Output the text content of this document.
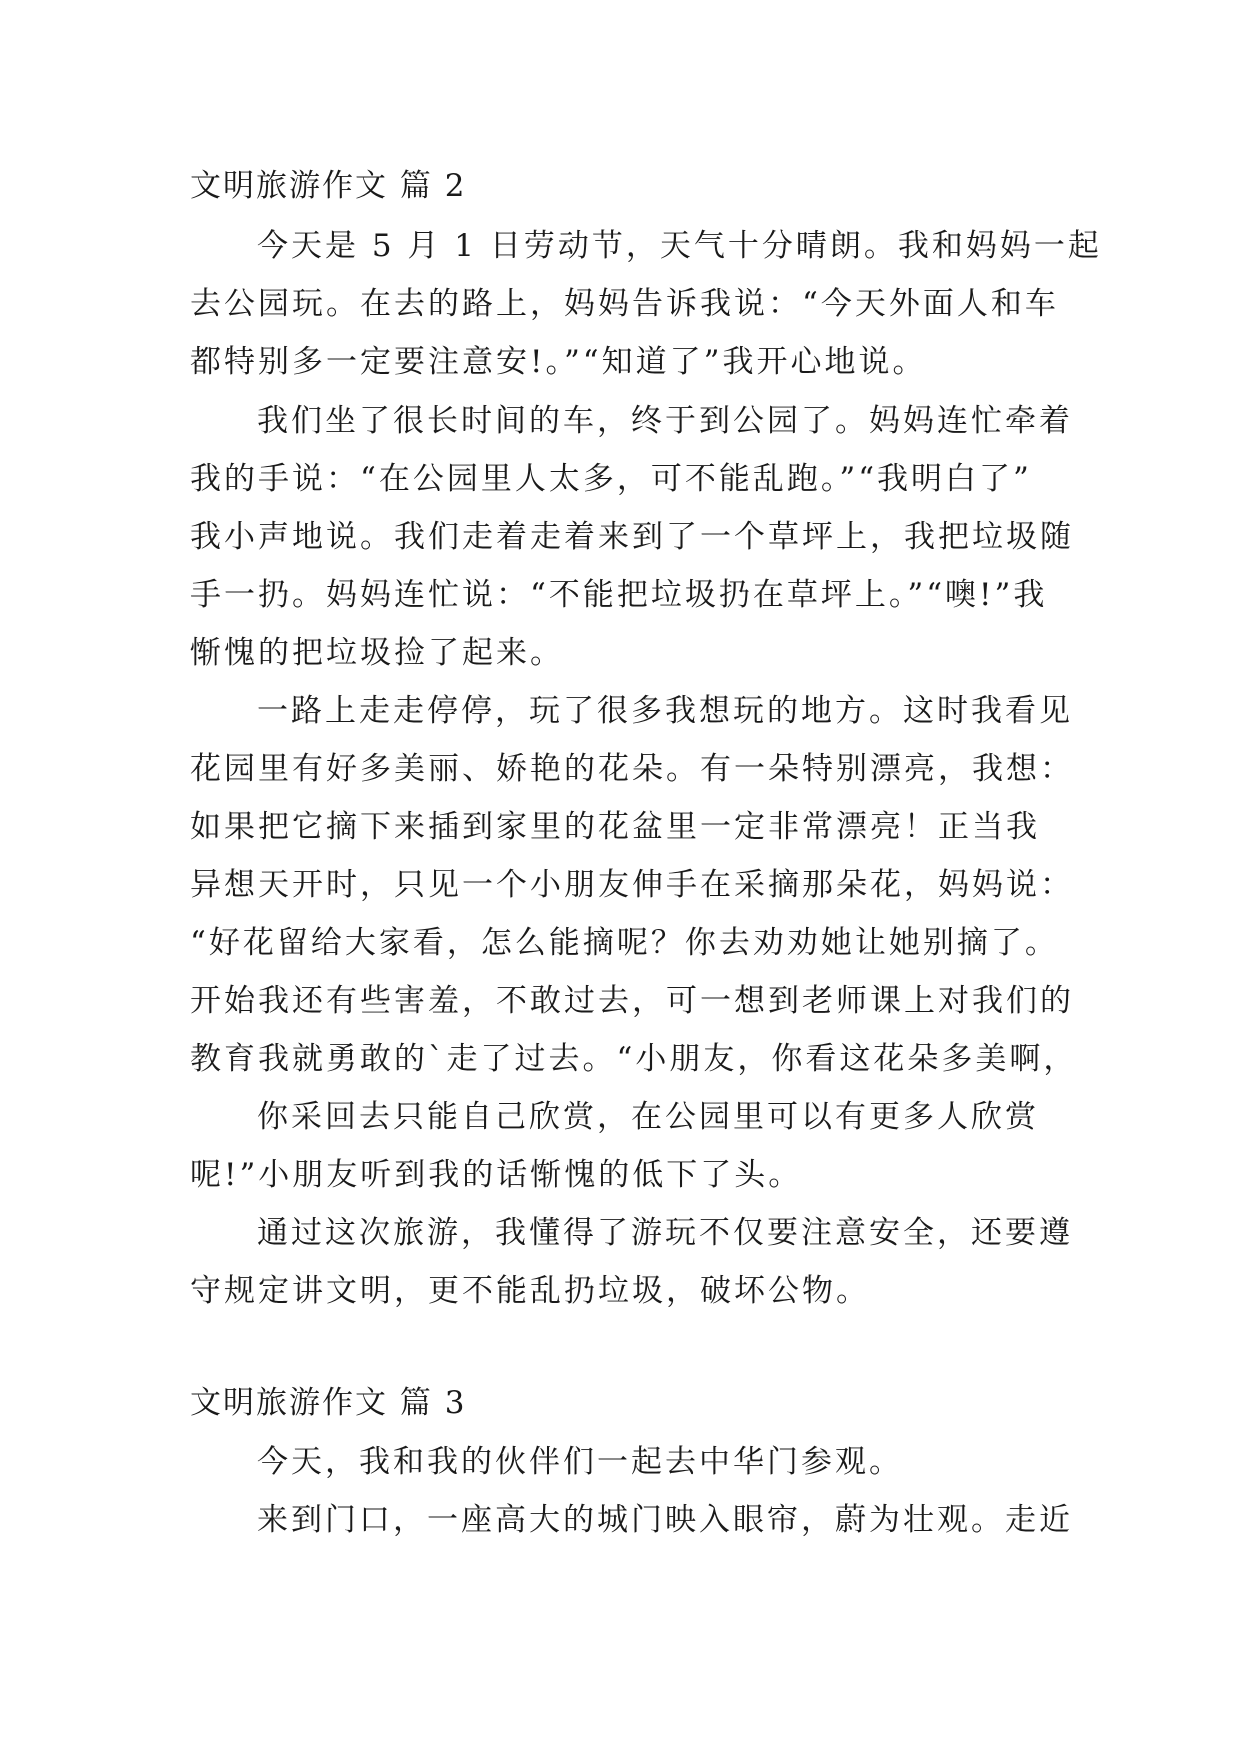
文明旅游作文 篇 2
今天是 5 月 1 日劳动节，天气十分晴朗。我和妈妈一起
去公园玩。在去的路上，妈妈告诉我说：“今天外面人和车
都特别多一定要注意安!。”“知道了”我开心地说。
我们坐了很长时间的车，终于到公园了。妈妈连忙牵着
我的手说：“在公园里人太多，可不能乱跑。”“我明白了”
我小声地说。我们走着走着来到了一个草坪上，我把垃圾随
手一扔。妈妈连忙说：“不能把垃圾扔在草坪上。”“噢!”我
惭愧的把垃圾捡了起来。
一路上走走停停，玩了很多我想玩的地方。这时我看见
花园里有好多美丽、娇艳的花朵。有一朵特别漂亮，我想：
如果把它摘下来插到家里的花盆里一定非常漂亮！正当我
异想天开时，只见一个小朋友伸手在采摘那朵花，妈妈说：
“好花留给大家看，怎么能摘呢？你去劝劝她让她别摘了。
开始我还有些害羞，不敢过去，可一想到老师课上对我们的
教育我就勇敢的`走了过去。“小朋友，你看这花朵多美啊，
你采回去只能自己欣赏，在公园里可以有更多人欣赏
呢!”小朋友听到我的话惭愧的低下了头。
通过这次旅游，我懂得了游玩不仅要注意安全，还要遵
守规定讲文明，更不能乱扔垃圾，破坏公物。
文明旅游作文 篇 3
今天，我和我的伙伴们一起去中华门参观。
来到门口，一座高大的城门映入眼帘，蔚为壮观。走近
